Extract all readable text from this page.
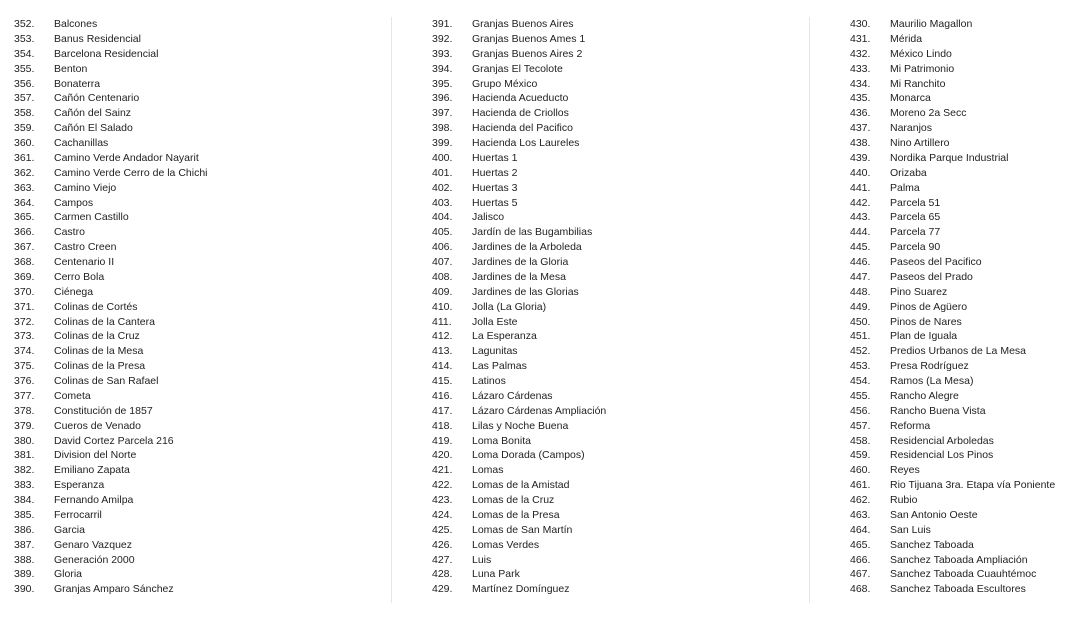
352.	Balcones
353.	Banus Residencial
354.	Barcelona Residencial
355.	Benton
356.	Bonaterra
357.	Cañón Centenario
358.	Cañón del Sainz
359.	Cañón El Salado
360.	Cachanillas
361.	Camino Verde Andador Nayarit
362.	Camino Verde Cerro de la Chichi
363.	Camino Viejo
364.	Campos
365.	Carmen Castillo
366.	Castro
367.	Castro Creen
368.	Centenario II
369.	Cerro Bola
370.	Ciénega
371.	Colinas de Cortés
372.	Colinas de la Cantera
373.	Colinas de la Cruz
374.	Colinas de la Mesa
375.	Colinas de la Presa
376.	Colinas de San Rafael
377.	Cometa
378.	Constitución de 1857
379.	Cueros de Venado
380.	David Cortez Parcela 216
381.	Division del Norte
382.	Emiliano Zapata
383.	Esperanza
384.	Fernando Amilpa
385.	Ferrocarril
386.	Garcia
387.	Genaro Vazquez
388.	Generación 2000
389.	Gloria
390.	Granjas Amparo Sánchez
391.	Granjas Buenos Aires
392.	Granjas Buenos Ames 1
393.	Granjas Buenos Aires 2
394.	Granjas El Tecolote
395.	Grupo México
396.	Hacienda Acueducto
397.	Hacienda de Criollos
398.	Hacienda del Pacifico
399.	Hacienda Los Laureles
400.	Huertas 1
401.	Huertas 2
402.	Huertas 3
403.	Huertas 5
404.	Jalisco
405.	Jardín de las Bugambilias
406.	Jardines de la Arboleda
407.	Jardines de la Gloria
408.	Jardines de la Mesa
409.	Jardines de las Glorias
410.	Jolla (La Gloria)
411.	Jolla Este
412.	La Esperanza
413.	Lagunitas
414.	Las Palmas
415.	Latinos
416.	Lázaro Cárdenas
417.	Lázaro Cárdenas Ampliación
418.	Lilas y Noche Buena
419.	Loma Bonita
420.	Loma Dorada (Campos)
421.	Lomas
422.	Lomas de la Amistad
423.	Lomas de la Cruz
424.	Lomas de la Presa
425.	Lomas de San Martín
426.	Lomas Verdes
427.	Luis
428.	Luna Park
429.	Martínez Domínguez
430.	Maurilio Magallon
431.	Mérida
432.	México Lindo
433.	Mi Patrimonio
434.	Mi Ranchito
435.	Monarca
436.	Moreno 2a Secc
437.	Naranjos
438.	Nino Artillero
439.	Nordika Parque Industrial
440.	Orizaba
441.	Palma
442.	Parcela 51
443.	Parcela 65
444.	Parcela 77
445.	Parcela 90
446.	Paseos del Pacifico
447.	Paseos del Prado
448.	Pino Suarez
449.	Pinos de Agüero
450.	Pinos de Nares
451.	Plan de Iguala
452.	Predios Urbanos de La Mesa
453.	Presa Rodríguez
454.	Ramos (La Mesa)
455.	Rancho Alegre
456.	Rancho Buena Vista
457.	Reforma
458.	Residencial Arboledas
459.	Residencial Los Pinos
460.	Reyes
461.	Rio Tijuana 3ra. Etapa vía Poniente
462.	Rubio
463.	San Antonio Oeste
464.	San Luis
465.	Sanchez Taboada
466.	Sanchez Taboada Ampliación
467.	Sanchez Taboada Cuauhtémoc
468.	Sanchez Taboada Escultores
